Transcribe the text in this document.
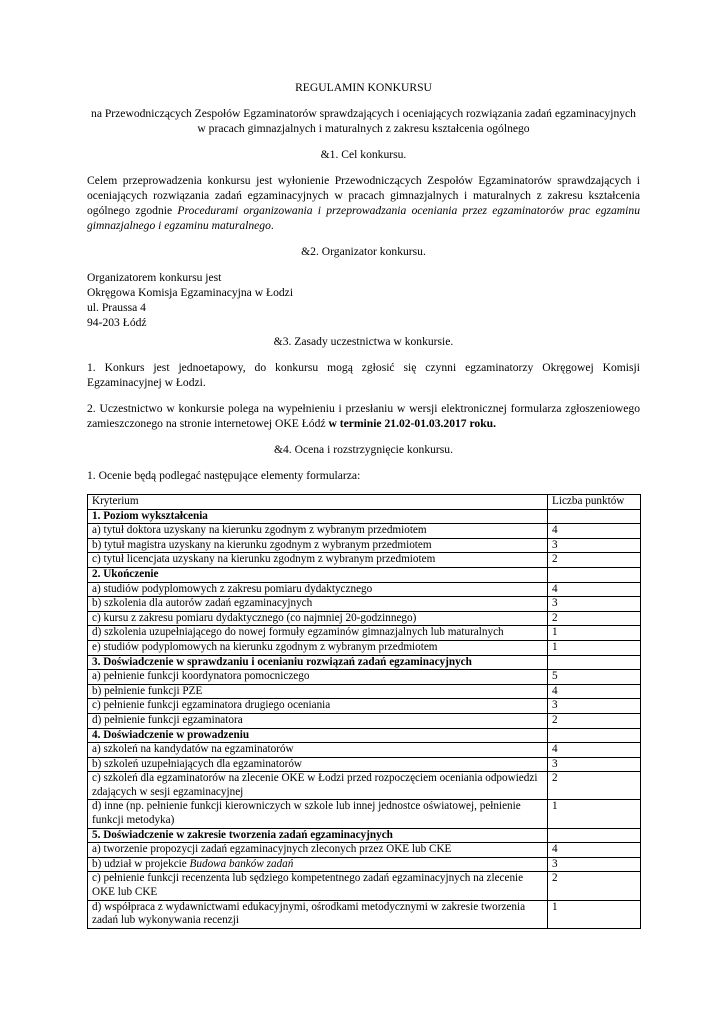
REGULAMIN KONKURSU

na Przewodniczących Zespołów Egzaminatorów sprawdzających i oceniających rozwiązania zadań egzaminacyjnych w pracach gimnazjalnych i maturalnych z zakresu kształcenia ogólnego

&1. Cel konkursu.

Celem przeprowadzenia konkursu jest wyłonienie Przewodniczących Zespołów Egzaminatorów sprawdzających i oceniających rozwiązania zadań egzaminacyjnych w pracach gimnazjalnych i maturalnych z zakresu kształcenia ogólnego zgodnie Procedurami organizowania i przeprowadzania oceniania przez egzaminatorów prac egzaminu gimnazjalnego i egzaminu maturalnego.

&2. Organizator konkursu.

Organizatorem konkursu jest

Okręgowa Komisja Egzaminacyjna w Łodzi

ul. Praussa 4

94-203 Łódź

&3. Zasady uczestnictwa w konkursie.

1. Konkurs jest jednoetapowy, do konkursu mogą zgłosić się czynni egzaminatorzy Okręgowej Komisji Egzaminacyjnej w Łodzi.

2. Uczestnictwo w konkursie polega na wypełnieniu i przesłaniu w wersji elektronicznej formularza zgłoszeniowego zamieszczonego na stronie internetowej OKE Łódź w terminie 21.02-01.03.2017 roku.

&4. Ocena i rozstrzygnięcie konkursu.

1. Ocenie będą podlegać następujące elementy formularza:

Kryterium	Liczba punktów
1. Poziom wykształcenia	
a) tytuł doktora uzyskany na kierunku zgodnym z wybranym przedmiotem	4
b) tytuł magistra uzyskany na kierunku zgodnym z wybranym przedmiotem	3
c) tytuł licencjata uzyskany na kierunku zgodnym z wybranym przedmiotem	2
2. Ukończenie	
a) studiów podyplomowych z zakresu pomiaru dydaktycznego	4
b) szkolenia dla autorów zadań egzaminacyjnych	3
c) kursu z zakresu pomiaru dydaktycznego (co najmniej 20-godzinnego)	2
d) szkolenia uzupełniającego do nowej formuły egzaminów gimnazjalnych lub maturalnych	1
e) studiów podyplomowych na kierunku zgodnym z wybranym przedmiotem	1
3. Doświadczenie w sprawdzaniu i ocenianiu rozwiązań zadań egzaminacyjnych	
a) pełnienie funkcji koordynatora pomocniczego	5
b) pełnienie funkcji PZE	4
c) pełnienie funkcji egzaminatora drugiego oceniania	3
d) pełnienie funkcji egzaminatora	2
4. Doświadczenie w prowadzeniu	
a) szkoleń na kandydatów na egzaminatorów	4
b) szkoleń uzupełniających dla egzaminatorów	3
c) szkoleń dla egzaminatorów na zlecenie OKE w Łodzi przed rozpoczęciem oceniania odpowiedzi zdających w sesji egzaminacyjnej	2
d) inne (np. pełnienie funkcji kierowniczych w szkole lub innej jednostce oświatowej, pełnienie funkcji metodyka)	1
5. Doświadczenie w zakresie tworzenia zadań egzaminacyjnych	
a) tworzenie propozycji zadań egzaminacyjnych zleconych przez OKE lub CKE	4
b) udział w projekcie Budowa banków zadań	3
c) pełnienie funkcji recenzenta lub sędziego kompetentnego zadań egzaminacyjnych na zlecenie OKE lub CKE	2
d) współpraca z wydawnictwami edukacyjnymi, ośrodkami metodycznymi w zakresie tworzenia zadań lub wykonywania recenzji	1
